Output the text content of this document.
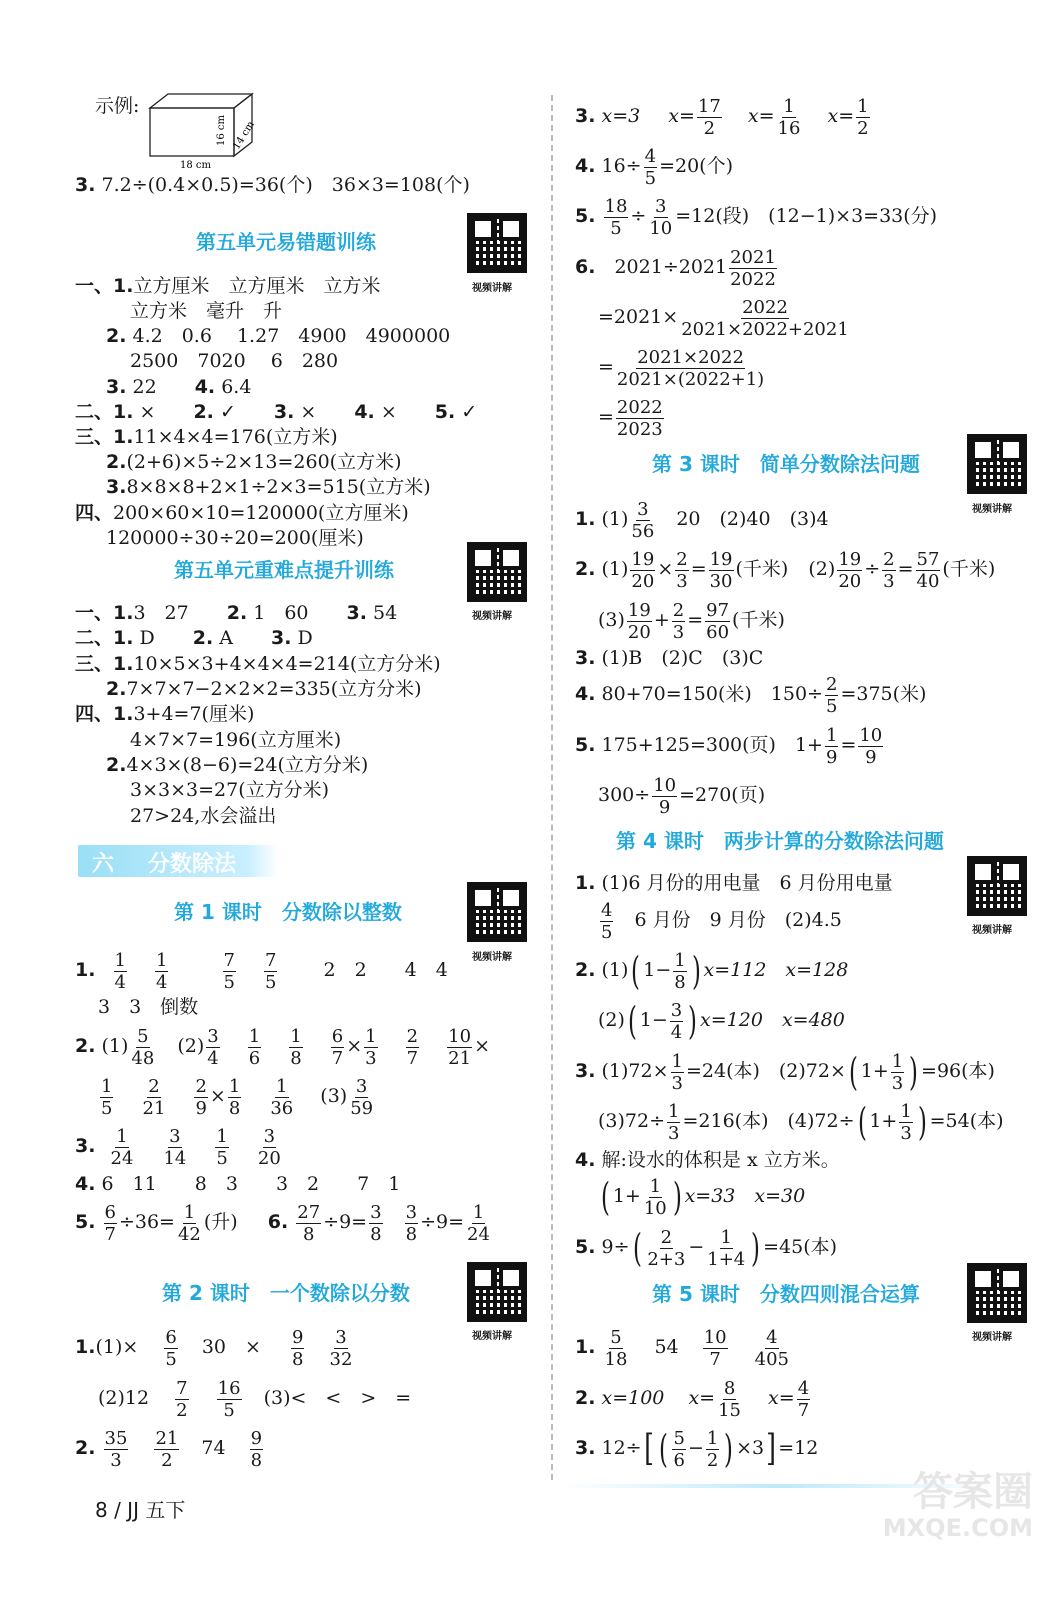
示例:
18 cm
14 cm
16 cm
3. 7.2÷(0.4×0.5)=36(个)　36×3=108(个)
第五单元易错题训练
视频讲解
一、1.立方厘米　立方厘米　立方米
立方米　毫升　升
2. 4.2　0.6　 1.27　4900　4900000
2500　7020　 6　280
3. 22　　 4. 6.4
二、1. ×　　 2. ✓　　 3. ×　　 4. ×　　 5. ✓
三、1.11×4×4=176(立方米)
2.(2+6)×5÷2×13=260(立方米)
3.8×8×8+2×1÷2×3=515(立方米)
四、200×60×10=120000(立方厘米)
120000÷30÷20=200(厘米)
第五单元重难点提升训练
视频讲解
一、1.3　27　　 2. 1　60　　 3. 54
二、1. D　　 2. A　　 3. D
三、1.10×5×3+4×4×4=214(立方分米)
2.7×7×7−2×2×2=335(立方分米)
四、1.3+4=7(厘米)
4×7×7=196(立方厘米)
2.4×3×(8−6)=24(立方分米)
3×3×3=27(立方分米)
27>24,水会溢出
六 分数除法
第 1 课时　分数除以整数
视频讲解
1. $\frac{1}{4}$
$\frac{1}{4}$
	$\frac{7}{5}$
$\frac{7}{5} 2$　2　　4　4
3　3　倒数
2. $(1) \frac{5}{48} (2) \frac{3}{4}$
$\frac{1}{6}$
$\frac{1}{8}$
$\frac{6}{7} \times \frac{1}{3}$
$\frac{2}{7}$
$\frac{10}{21}$ ×
$\frac{1}{5}$
$\frac{2}{21}$
$\frac{2}{9} \times \frac{1}{8}$
$\frac{1}{36} (3) \frac{3}{59}$
3. $\frac{1}{24}$
$\frac{3}{14}$
$\frac{1}{5}$
$\frac{3}{20}$
4. 6　11　　8　3　　3　2　　7　1
5. $\frac{6}{7} \div 36= \frac{1}{42}$ (升) 6. $\frac{27}{8} \div 9= \frac{3}{8}$
$\frac{3}{8} \div 9= \frac{1}{24}$
第 2 课时　一个数除以分数
视频讲解
$1.(1)\times \frac{6}{5} 30$　× $\frac{9}{8}$
$\frac{3}{32}$
$(2)12 \frac{7}{2}$
$\frac{16}{5} (3)<$　<　>　=
2. $\frac{35}{3}$
$\frac{21}{2} 74 \frac{9}{8}$
8 / JJ 五下
3. x=3 $x= \frac{17}{2} x= \frac{1}{16} x= \frac{1}{2}$
4. $16\div \frac{4}{5} =20$(个)
5. $\frac{18}{5} \div \frac{3}{10} =12$(段)　(12−1)×3=33(分)
6.　 $2021\div 2021 \frac{2021}{2022}$
$=2021\times \frac{2022}{2021\times 2022+2021}$
= $\frac{2021\times 2022}{2021\times(2022+1)}$
= $\frac{2022}{2023}$
第 3 课时　简单分数除法问题
视频讲解
1. $(1) \frac{3}{56}$
　 20　(2)40　(3)4
2. $(1) \frac{19}{20} \times \frac{2}{3} = \frac{19}{30}$ (千米) $(2) \frac{19}{20} \div \frac{2}{3} = \frac{57}{40}$ (千米)
$(3) \frac{19}{20} + \frac{2}{3} = \frac{97}{60}$ (千米)
3. (1)B　(2)C　(3)C
4. 80+70=150(米)　$150\div \frac{2}{5} =375$(米)
5. 175+125=300(页)　$1+ \frac{1}{9} = \frac{10}{9}$
$300\div \frac{10}{9} =270$(页)
第 4 课时　两步计算的分数除法问题
视频讲解
1. (1)6 月份的用电量　6 月份用电量
$\frac{4}{5}$
　 6 月份　9 月份　(2)4.5
2. (1)( $1- \frac{1}{8}$ ) x=112　x=128
(2)( $1- \frac{3}{4}$ ) x=120　x=480
3. $(1)72\times \frac{1}{3} =24$(本)　(2)72×( $1+ \frac{1}{3}$ ) =96(本)
$(3)72\div \frac{1}{3} =216$(本)　(4)72÷( $1+ \frac{1}{3}$ ) =54(本)
4. 解:设水的体积是 x 立方米。
( $1+ \frac{1}{10}$ ) x=33　x=30
5. $9\div( \frac{2}{2+3} - \frac{1}{1+4}$ ) =45(本)
第 5 课时　分数四则混合运算
视频讲解
1. $\frac{5}{18} 54 \frac{10}{7}$
$\frac{4}{405}$
2. x=100 $x= \frac{8}{15} x= \frac{4}{7}$
3. 12÷[ ( $\frac{5}{6} - \frac{1}{2}$ ) ×3] =12
答案圈
MXQE.COM
